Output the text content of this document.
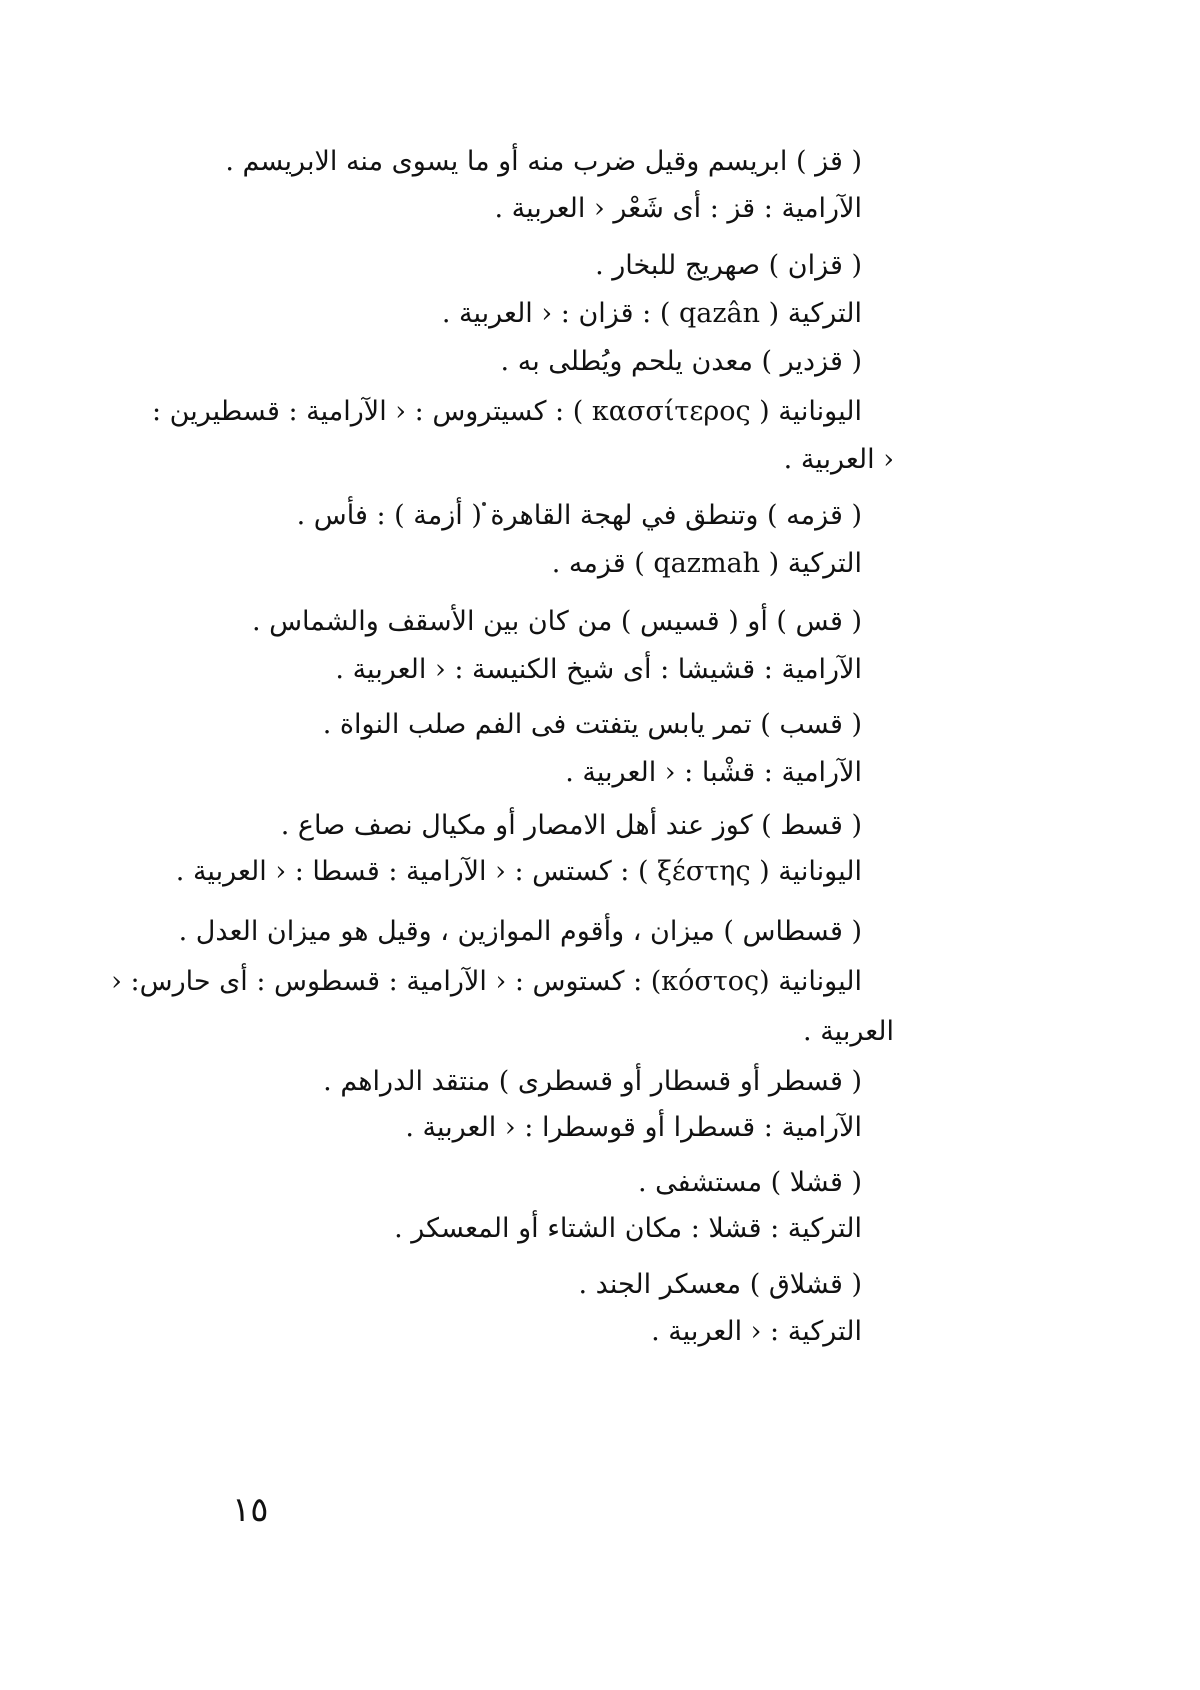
( قز ) ابريسم وقيل ضرب منه أو ما يسوى منه الابريسم .
الآرامية : قز : أى شَعْر ‹ العربية .
( قزان ) صهريج للبخار .
التركية ( qazân ) : قزان : ‹ العربية .
( قزدير ) معدن يلحم ويُطلى به .
اليونانية ( κασσίτερος ) : كسيتروس : ‹ الآرامية : قسطيرين :
‹ العربية .
( قزمه ) وتنطق في لهجة القاهرة ( أزمة ) : فأس .
التركية ( qazmah ) قزمه .
( قس ) أو ( قسيس ) من كان بين الأسقف والشماس .
الآرامية : قشيشا : أى شيخ الكنيسة : ‹ العربية .
( قسب ) تمر يابس يتفتت فى الفم صلب النواة .
الآرامية : قشْبا : ‹ العربية .
( قسط ) كوز عند أهل الامصار أو مكيال نصف صاع .
اليونانية ( ξέστης ) : كستس : ‹ الآرامية : قسطا : ‹ العربية .
( قسطاس ) ميزان ، وأقوم الموازين ، وقيل هو ميزان العدل .
اليونانية (κόστος) : كستوس : ‹ الآرامية : قسطوس : أى حارس: ‹
العربية .
( قسطر أو قسطار أو قسطرى ) منتقد الدراهم .
الآرامية : قسطرا أو قوسطرا : ‹ العربية .
( قشلا ) مستشفى .
التركية : قشلا : مكان الشتاء أو المعسكر .
( قشلاق ) معسكر الجند .
التركية : ‹ العربية .
١٥
